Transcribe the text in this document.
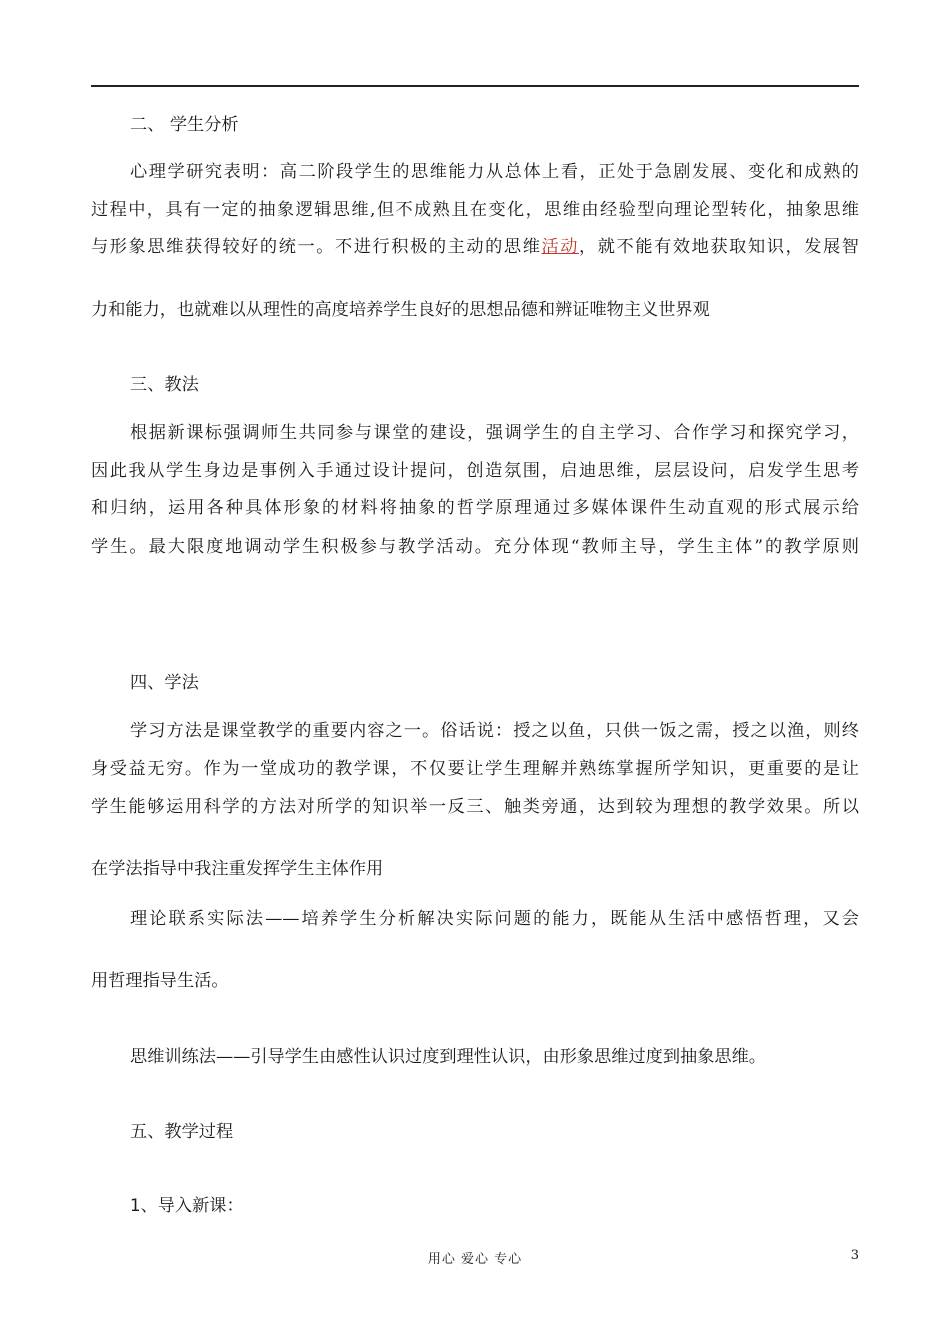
二、 学生分析
心理学研究表明：高二阶段学生的思维能力从总体上看，正处于急剧发展、变化和成熟的
过程中，具有一定的抽象逻辑思维,但不成熟且在变化，思维由经验型向理论型转化，抽象思维
与形象思维获得较好的统一。不进行积极的主动的思维活动，就不能有效地获取知识，发展智
力和能力，也就难以从理性的高度培养学生良好的思想品德和辨证唯物主义世界观
三、教法
根据新课标强调师生共同参与课堂的建设，强调学生的自主学习、合作学习和探究学习，
因此我从学生身边是事例入手通过设计提问，创造氛围，启迪思维，层层设问，启发学生思考
和归纳，运用各种具体形象的材料将抽象的哲学原理通过多媒体课件生动直观的形式展示给
学生。最大限度地调动学生积极参与教学活动。充分体现“教师主导，学生主体”的教学原则
四、学法
学习方法是课堂教学的重要内容之一。俗话说：授之以鱼，只供一饭之需，授之以渔，则终
身受益无穷。作为一堂成功的教学课，不仅要让学生理解并熟练掌握所学知识，更重要的是让
学生能够运用科学的方法对所学的知识举一反三、触类旁通，达到较为理想的教学效果。所以
在学法指导中我注重发挥学生主体作用
理论联系实际法——培养学生分析解决实际问题的能力，既能从生活中感悟哲理，又会
用哲理指导生活。
思维训练法——引导学生由感性认识过度到理性认识，由形象思维过度到抽象思维。
五、教学过程
1、导入新课：
用心 爱心 专心	3
